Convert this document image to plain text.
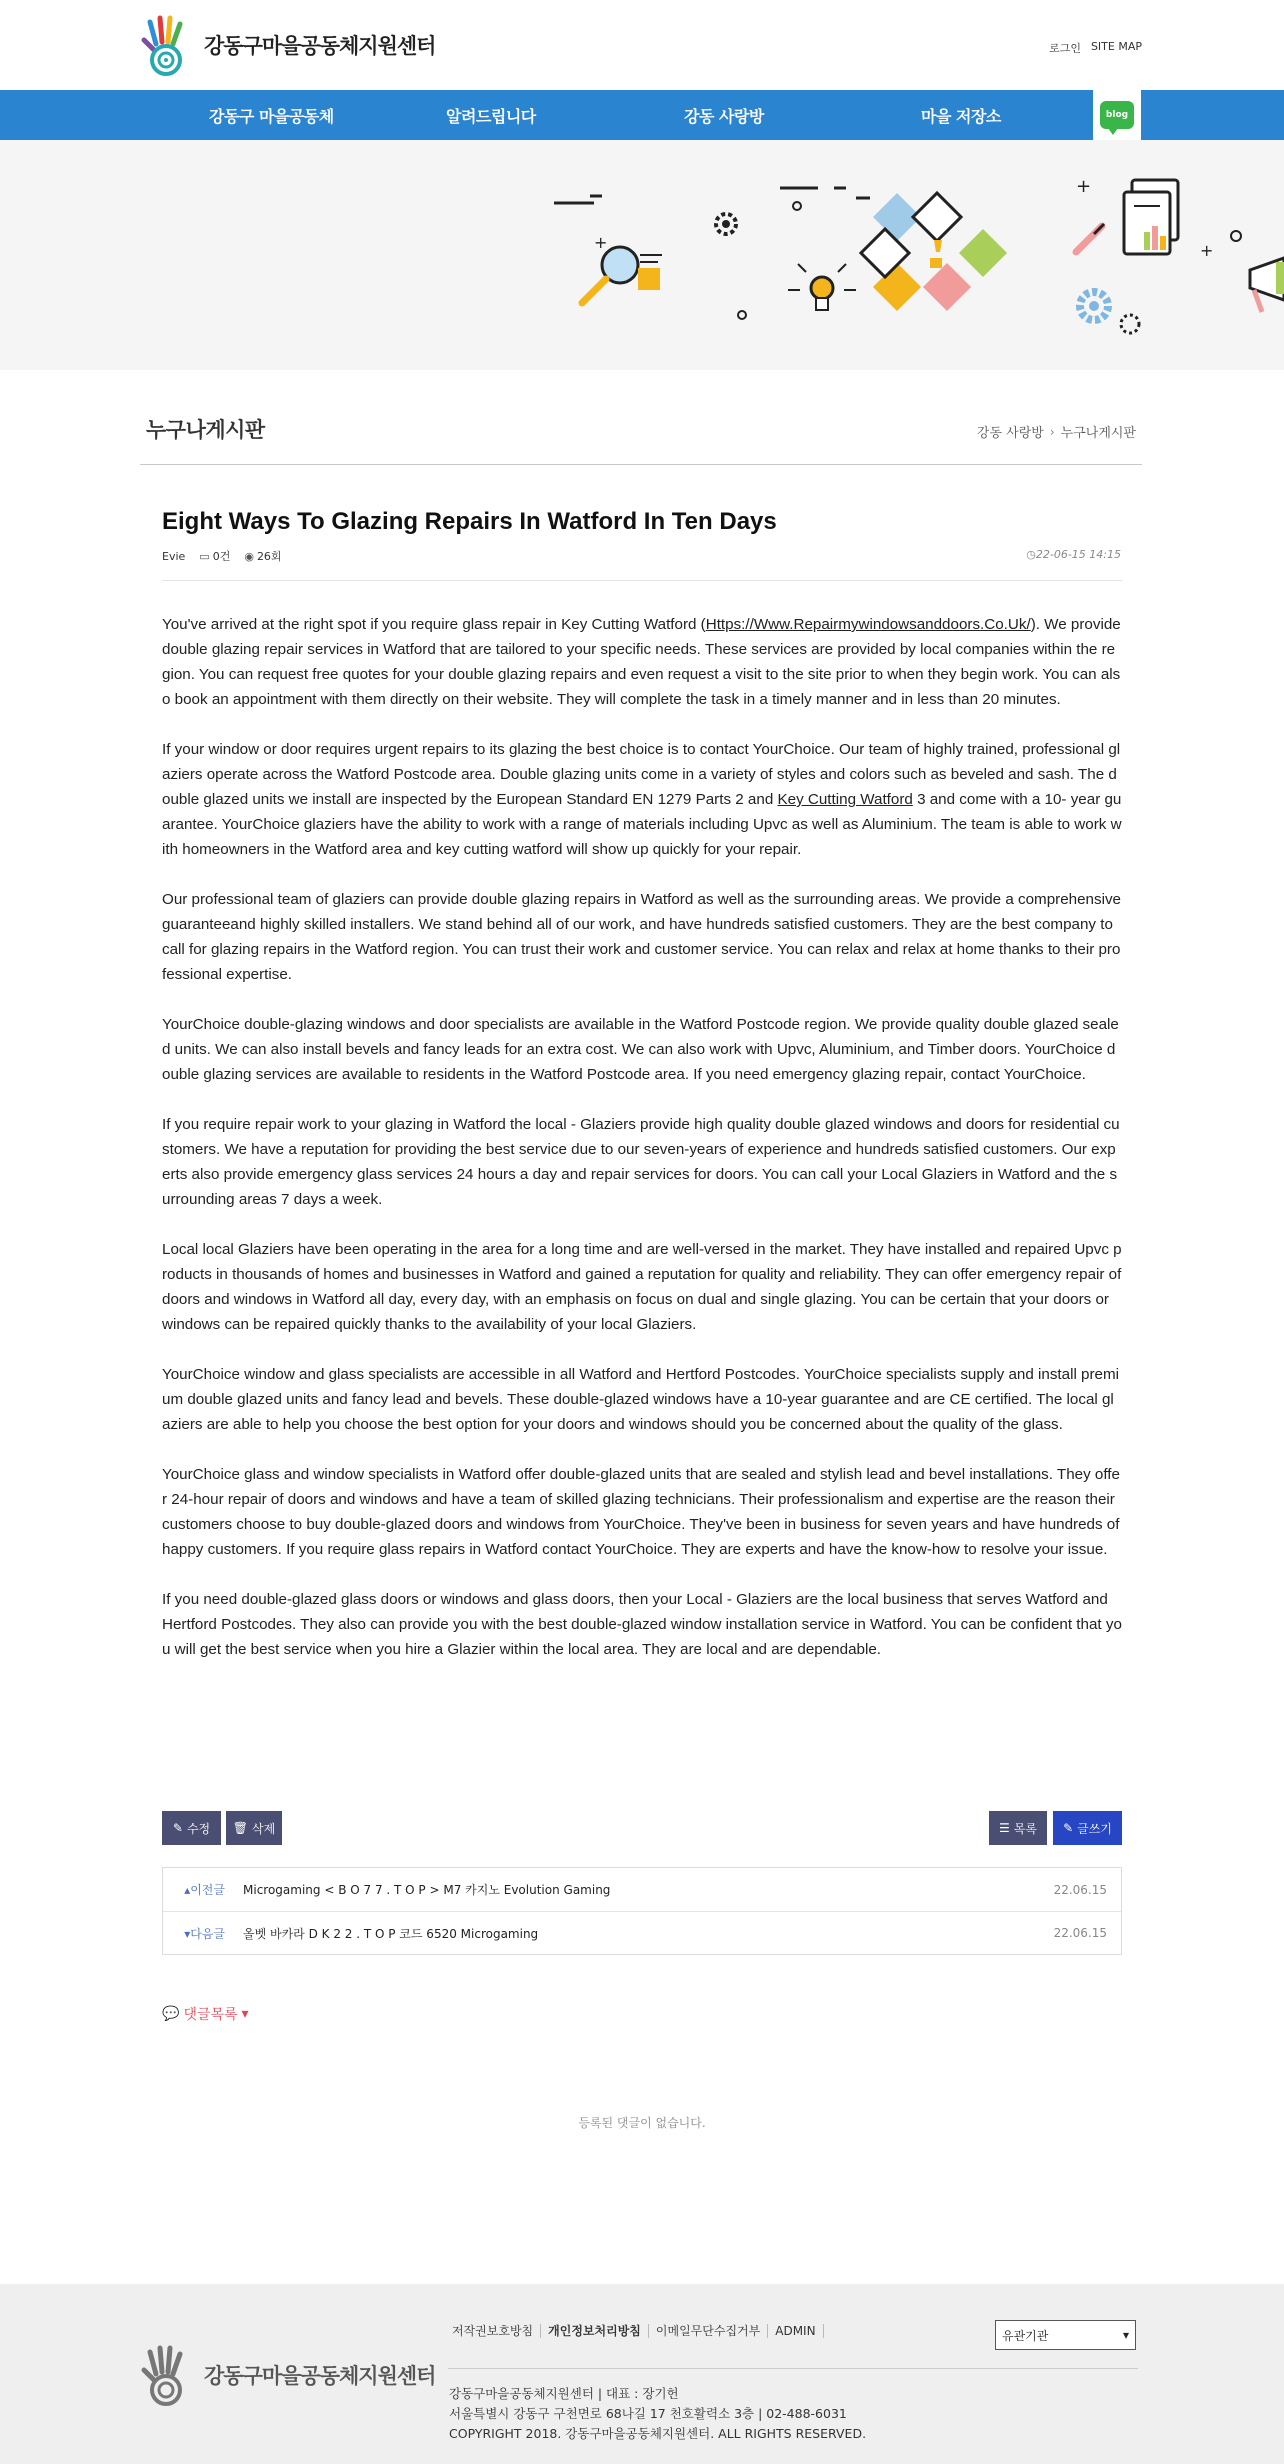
강동구마을공동체지원센터	로그인 SITE MAP
강동구 마을공동체	알려드립니다	강동 사랑방	마을 저장소	blog
+
+
+
누구나게시판	강동 사랑방 › 누구나게시판
Eight Ways To Glazing Repairs In Watford In Ten Days
Evie ▭ 0건 ◉ 26회	◷22-06-15 14:15

You've arrived at the right spot if you require glass repair in Key Cutting Watford (Https://Www.Repairmywindowsanddoors.Co.Uk/). We provide double glazing repair services in Watford that are tailored to your specific needs. These services are provided by local companies within the region. You can request free quotes for your double glazing repairs and even request a visit to the site prior to when they begin work. You can also book an appointment with them directly on their website. They will complete the task in a timely manner and in less than 20 minutes.

If your window or door requires urgent repairs to its glazing the best choice is to contact YourChoice. Our team of highly trained, professional glaziers operate across the Watford Postcode area. Double glazing units come in a variety of styles and colors such as beveled and sash. The double glazed units we install are inspected by the European Standard EN 1279 Parts 2 and Key Cutting Watford 3 and come with a 10- year guarantee. YourChoice glaziers have the ability to work with a range of materials including Upvc as well as Aluminium. The team is able to work with homeowners in the Watford area and key cutting watford will show up quickly for your repair.

Our professional team of glaziers can provide double glazing repairs in Watford as well as the surrounding areas. We provide a comprehensive guaranteeand highly skilled installers. We stand behind all of our work, and have hundreds satisfied customers. They are the best company to call for glazing repairs in the Watford region. You can trust their work and customer service. You can relax and relax at home thanks to their professional expertise.

YourChoice double-glazing windows and door specialists are available in the Watford Postcode region. We provide quality double glazed sealed units. We can also install bevels and fancy leads for an extra cost. We can also work with Upvc, Aluminium, and Timber doors. YourChoice double glazing services are available to residents in the Watford Postcode area. If you need emergency glazing repair, contact YourChoice.

If you require repair work to your glazing in Watford the local - Glaziers provide high quality double glazed windows and doors for residential customers. We have a reputation for providing the best service due to our seven-years of experience and hundreds satisfied customers. Our experts also provide emergency glass services 24 hours a day and repair services for doors. You can call your Local Glaziers in Watford and the surrounding areas 7 days a week.

Local local Glaziers have been operating in the area for a long time and are well-versed in the market. They have installed and repaired Upvc products in thousands of homes and businesses in Watford and gained a reputation for quality and reliability. They can offer emergency repair of doors and windows in Watford all day, every day, with an emphasis on focus on dual and single glazing. You can be certain that your doors or windows can be repaired quickly thanks to the availability of your local Glaziers.

YourChoice window and glass specialists are accessible in all Watford and Hertford Postcodes. YourChoice specialists supply and install premium double glazed units and fancy lead and bevels. These double-glazed windows have a 10-year guarantee and are CE certified. The local glaziers are able to help you choose the best option for your doors and windows should you be concerned about the quality of the glass.

YourChoice glass and window specialists in Watford offer double-glazed units that are sealed and stylish lead and bevel installations. They offer 24-hour repair of doors and windows and have a team of skilled glazing technicians. Their professionalism and expertise are the reason their customers choose to buy double-glazed doors and windows from YourChoice. They've been in business for seven years and have hundreds of happy customers. If you require glass repairs in Watford contact YourChoice. They are experts and have the know-how to resolve your issue.

If you need double-glazed glass doors or windows and glass doors, then your Local - Glaziers are the local business that serves Watford and Hertford Postcodes. They also can provide you with the best double-glazed window installation service in Watford. You can be confident that you will get the best service when you hire a Glazier within the local area. They are local and are dependable.

✎ 수정 🗑 삭제	☰ 목록 ✎ 글쓰기
▴이전글	Microgaming < B O 7 7 . T O P > M7 카지노 Evolution Gaming	22.06.15
▾다음글	올벳 바카라 D K 2 2 . T O P 코드 6520 Microgaming	22.06.15
💬 댓글목록 ▾
등록된 댓글이 없습니다.
강동구마을공동체지원센터
저작권보호방침	개인정보처리방침	이메일무단수집거부	ADMIN	유관기관	▾
강동구마을공동체지원센터 | 대표 : 장기헌
서울특별시 강동구 구천면로 68나길 17 천호활력소 3층 | 02-488-6031
COPYRIGHT 2018. 강동구마을공동체지원센터. ALL RIGHTS RESERVED.
